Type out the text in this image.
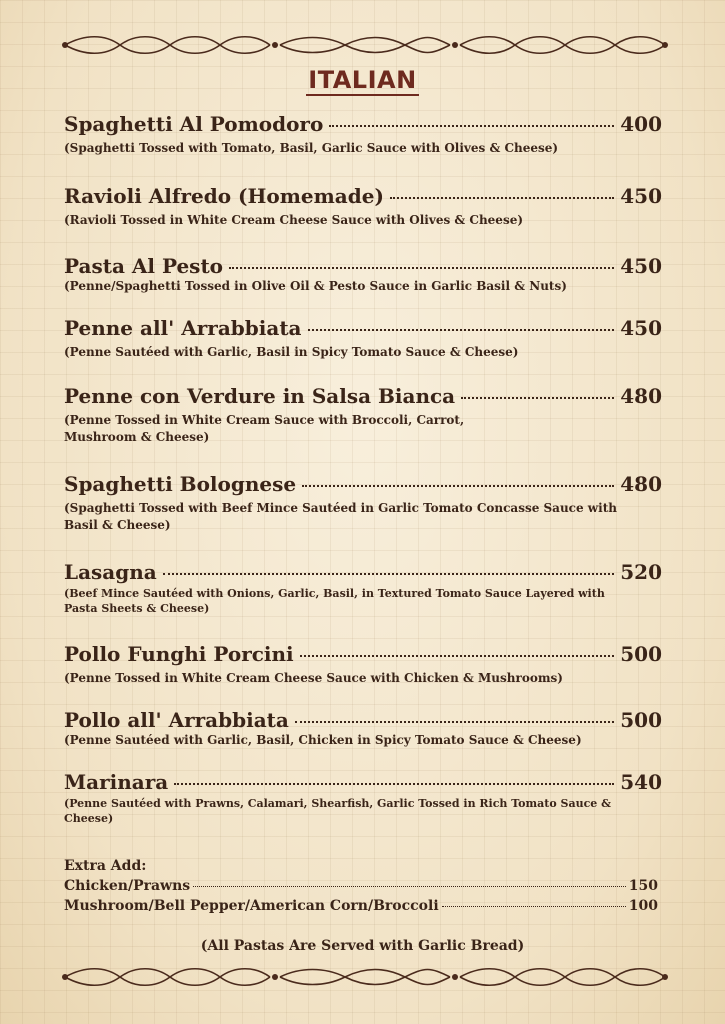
ITALIAN
Spaghetti Al Pomodoro	400
(Spaghetti Tossed with Tomato, Basil, Garlic Sauce with Olives & Cheese)
Ravioli Alfredo (Homemade)	450
(Ravioli Tossed in White Cream Cheese Sauce with Olives & Cheese)
Pasta Al Pesto	450
(Penne/Spaghetti Tossed in Olive Oil & Pesto Sauce in Garlic Basil & Nuts)
Penne all' Arrabbiata	450
(Penne Sautéed with Garlic, Basil in Spicy Tomato Sauce & Cheese)
Penne con Verdure in Salsa Bianca	480
(Penne Tossed in White Cream Sauce with Broccoli, Carrot, Mushroom & Cheese)
Spaghetti Bolognese	480
(Spaghetti Tossed with Beef Mince Sautéed in Garlic Tomato Concasse Sauce with Basil & Cheese)
Lasagna	520
(Beef Mince Sautéed with Onions, Garlic, Basil, in Textured Tomato Sauce Layered with Pasta Sheets & Cheese)
Pollo Funghi Porcini	500
(Penne Tossed in White Cream Cheese Sauce with Chicken & Mushrooms)
Pollo all' Arrabbiata	500
(Penne Sautéed with Garlic, Basil, Chicken in Spicy Tomato Sauce & Cheese)
Marinara	540
(Penne Sautéed with Prawns, Calamari, Shearfish, Garlic Tossed in Rich Tomato Sauce & Cheese)
Extra Add:
Chicken/Prawns	150
Mushroom/Bell Pepper/American Corn/Broccoli	100
(All Pastas Are Served with Garlic Bread)
